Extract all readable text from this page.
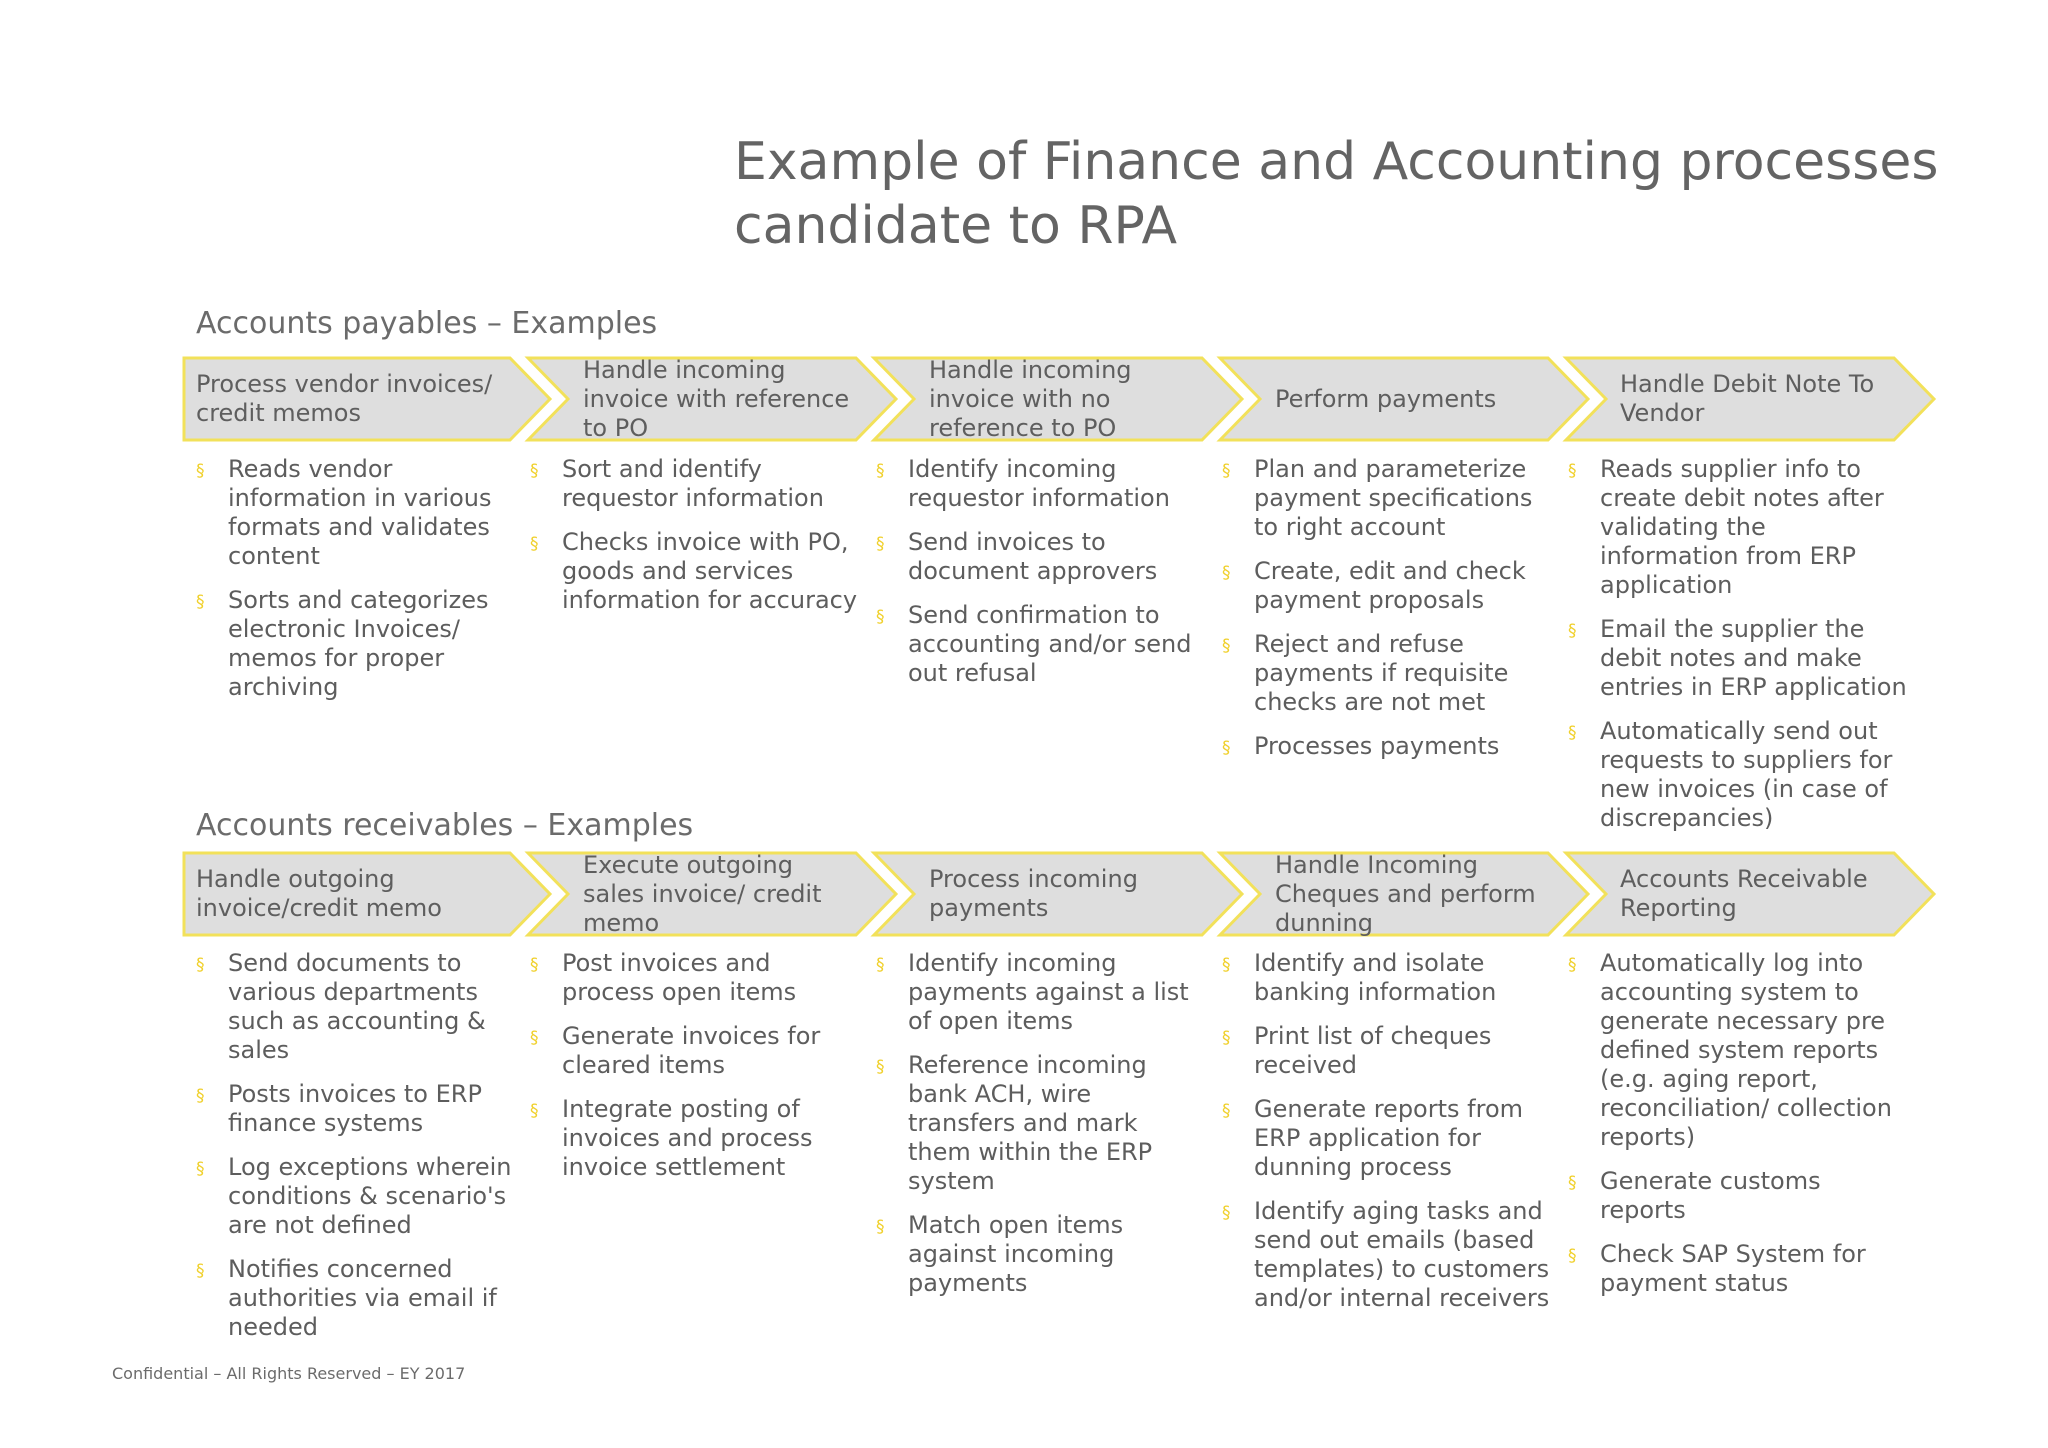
Example of Finance and Accounting processes candidate to RPA
Accounts payables – Examples
Process vendor invoices/ credit memos
Handle incoming invoice with reference to PO
Handle incoming invoice with no reference to PO
Perform payments
Handle Debit Note To Vendor
§ Reads vendor information in various formats and validates content
§ Sorts and categorizes electronic Invoices/ memos for proper archiving
§ Sort and identify requestor information
§ Checks invoice with PO, goods and services information for accuracy
§ Identify incoming requestor information
§ Send invoices to document approvers
§ Send confirmation to accounting and/or send out refusal
§ Plan and parameterize payment specifications to right account
§ Create, edit and check payment proposals
§ Reject and refuse payments if requisite checks are not met
§ Processes payments
§ Reads supplier info to create debit notes after validating the information from ERP application
§ Email the supplier the debit notes and make entries in ERP application
§ Automatically send out requests to suppliers for new invoices (in case of discrepancies)
Accounts receivables – Examples
Handle outgoing invoice/credit memo
Execute outgoing sales invoice/ credit memo
Process incoming payments
Handle Incoming Cheques and perform dunning
Accounts Receivable Reporting
§ Send documents to various departments such as accounting & sales
§ Posts invoices to ERP finance systems
§ Log exceptions wherein conditions & scenario's are not defined
§ Notifies concerned authorities via email if needed
§ Post invoices and process open items
§ Generate invoices for cleared items
§ Integrate posting of invoices and process invoice settlement
§ Identify incoming payments against a list of open items
§ Reference incoming bank ACH, wire transfers and mark them within the ERP system
§ Match open items against incoming payments
§ Identify and isolate banking information
§ Print list of cheques received
§ Generate reports from ERP application for dunning process
§ Identify aging tasks and send out emails (based templates) to customers and/or internal receivers
§ Automatically log into accounting system to generate necessary pre defined system reports (e.g. aging report, reconciliation/ collection reports)
§ Generate customs reports
§ Check SAP System for payment status
Confidential – All Rights Reserved – EY 2017
